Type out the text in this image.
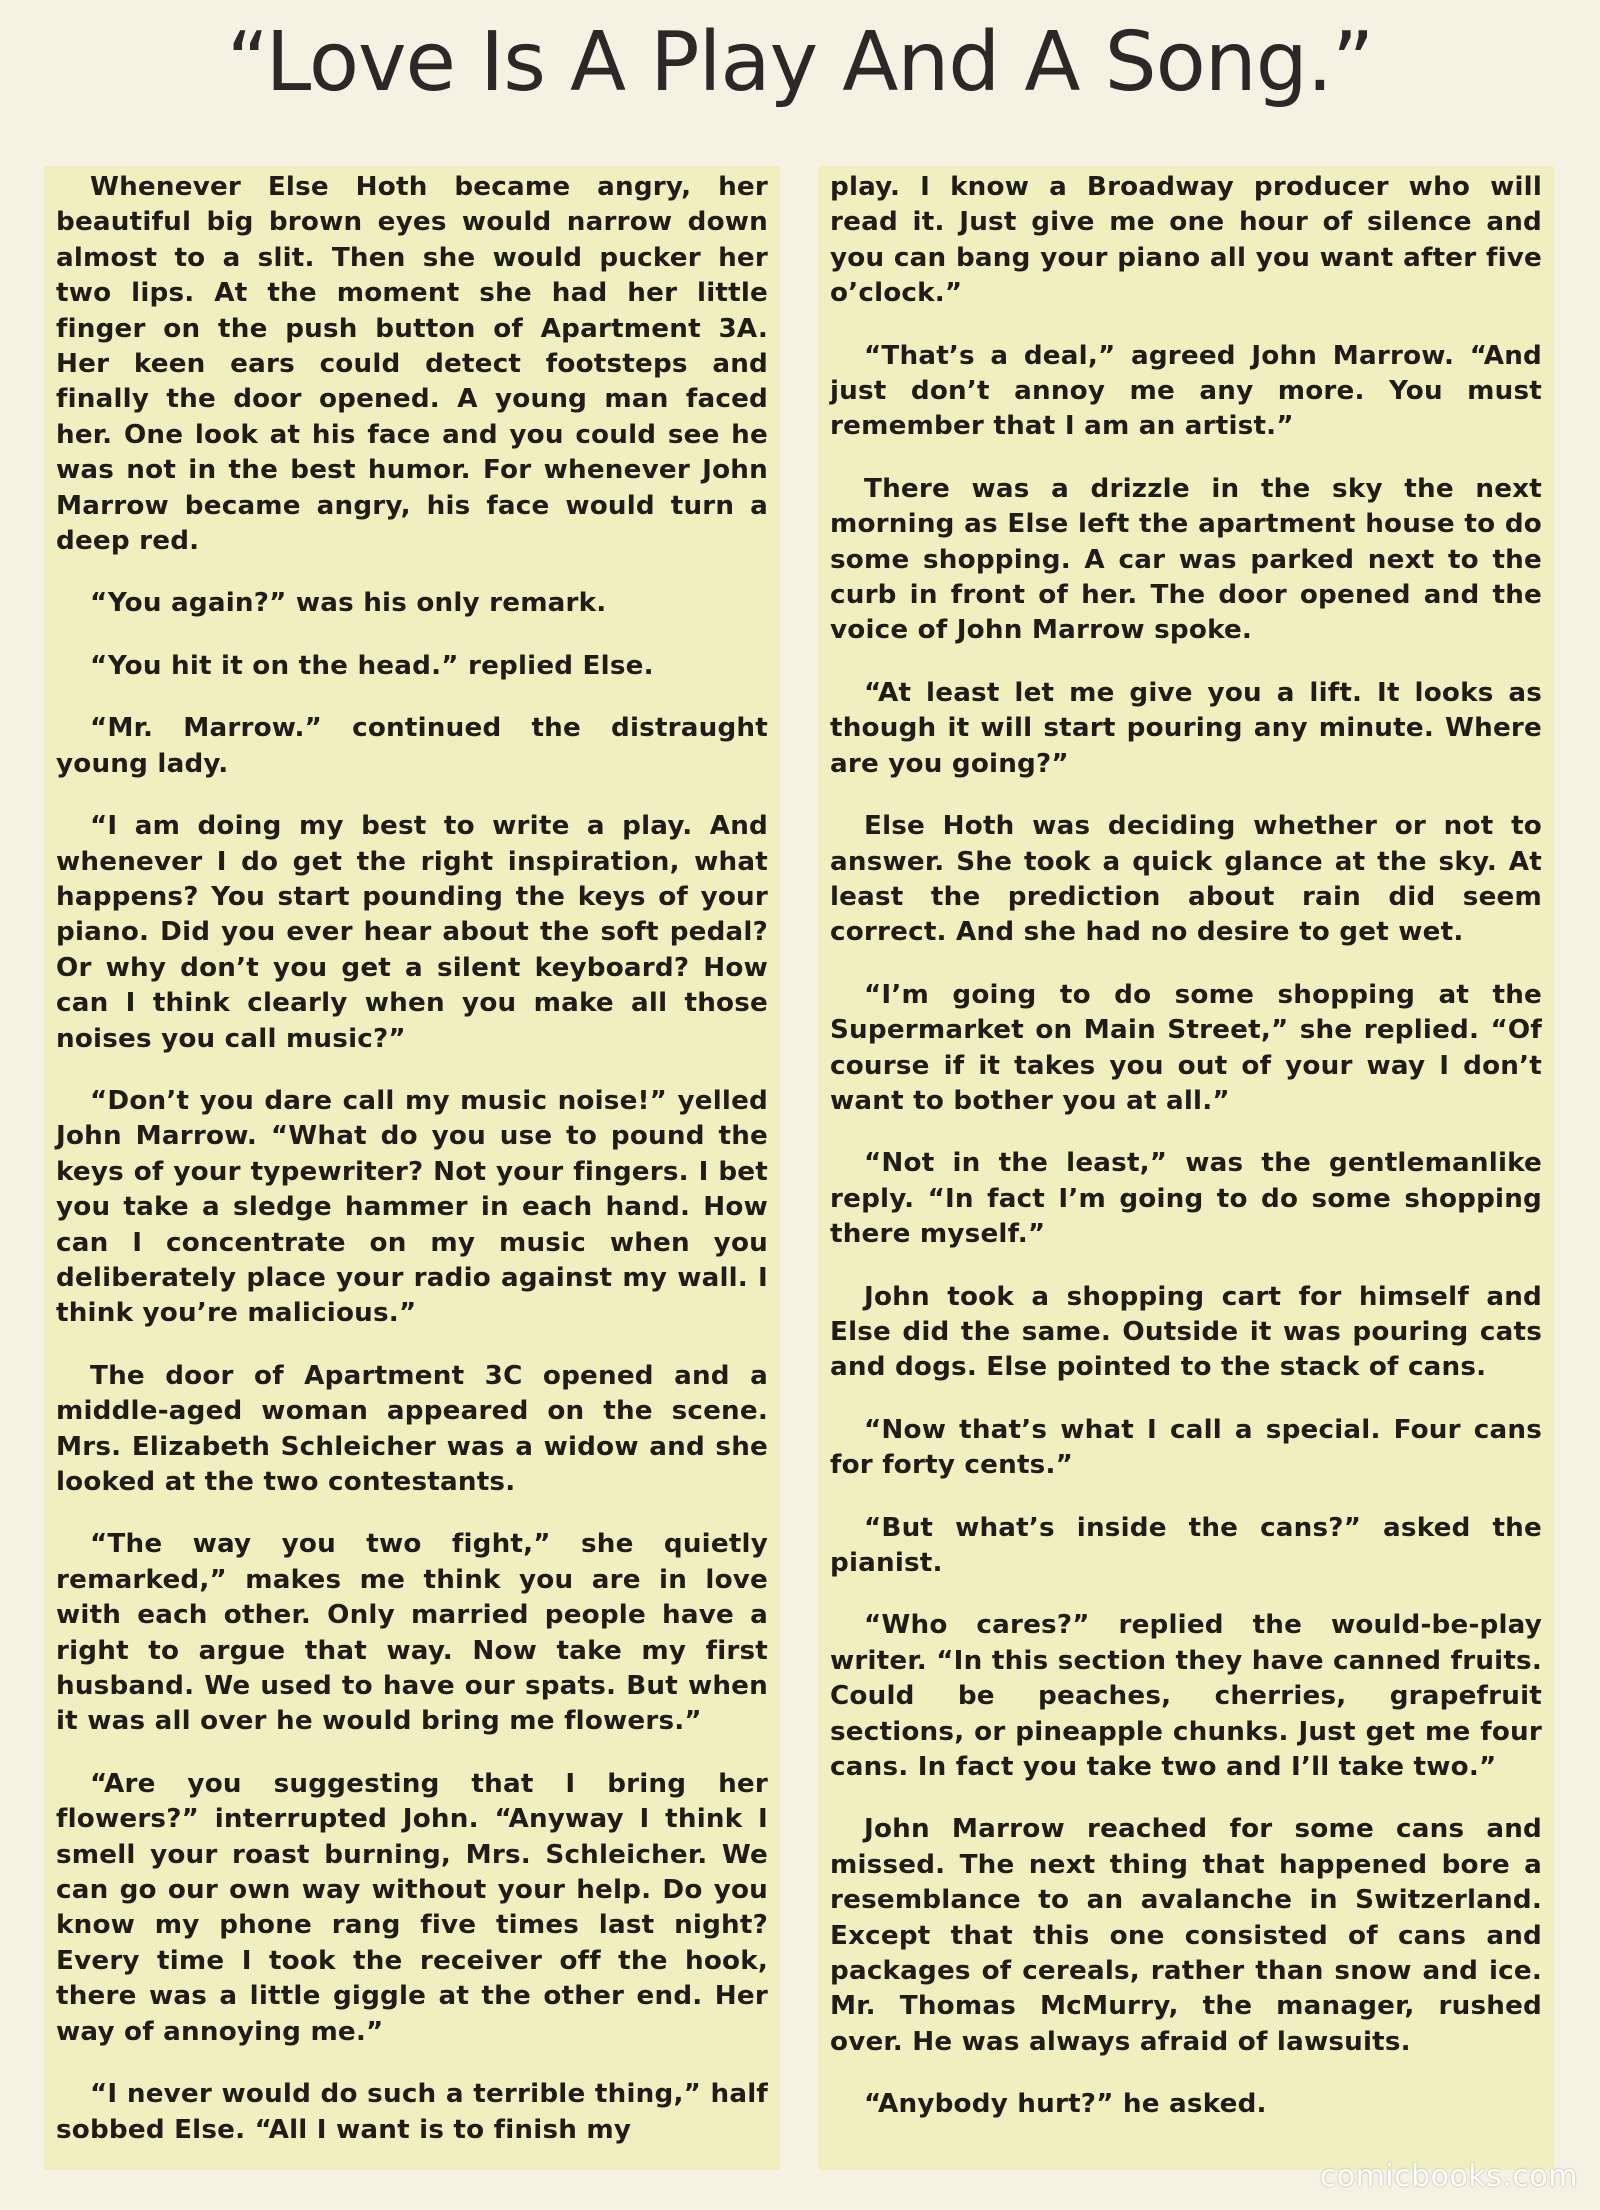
“Love Is A Play And A Song.”

Whenever Else Hoth became angry, her beautiful big brown eyes would narrow down almost to a slit. Then she would pucker her two lips. At the moment she had her little finger on the push button of Apartment 3A. Her keen ears could detect footsteps and finally the door opened. A young man faced her. One look at his face and you could see he was not in the best humor. For whenever John Marrow became angry, his face would turn a deep red.

“You again?” was his only remark.

“You hit it on the head.” replied Else.

“Mr. Marrow.” continued the distraught young lady.

“I am doing my best to write a play. And whenever I do get the right inspiration, what happens? You start pounding the keys of your piano. Did you ever hear about the soft pedal? Or why don’t you get a silent keyboard? How can I think clearly when you make all those noises you call music?”

“Don’t you dare call my music noise!” yelled John Marrow. “What do you use to pound the keys of your typewriter? Not your fingers. I bet you take a sledge hammer in each hand. How can I concentrate on my music when you deliberately place your radio against my wall. I think you’re malicious.”

The door of Apartment 3C opened and a middle-aged woman appeared on the scene. Mrs. Elizabeth Schleicher was a widow and she looked at the two contestants.

“The way you two fight,” she quietly remarked,” makes me think you are in love with each other. Only married people have a right to argue that way. Now take my first husband. We used to have our spats. But when it was all over he would bring me flowers.”

“Are you suggesting that I bring her flowers?” interrupted John. “Anyway I think I smell your roast burning, Mrs. Schleicher. We can go our own way without your help. Do you know my phone rang five times last night? Every time I took the receiver off the hook, there was a little giggle at the other end. Her way of annoying me.”

“I never would do such a terrible thing,” half sobbed Else. “All I want is to finish my

play. I know a Broadway producer who will read it. Just give me one hour of silence and you can bang your piano all you want after five o’clock.”

“That’s a deal,” agreed John Marrow. “And just don’t annoy me any more. You must remember that I am an artist.”

There was a drizzle in the sky the next morning as Else left the apartment house to do some shopping. A car was parked next to the curb in front of her. The door opened and the voice of John Marrow spoke.

“At least let me give you a lift. It looks as though it will start pouring any minute. Where are you going?”

Else Hoth was deciding whether or not to answer. She took a quick glance at the sky. At least the prediction about rain did seem correct. And she had no desire to get wet.

“I’m going to do some shopping at the Supermarket on Main Street,” she replied. “Of course if it takes you out of your way I don’t want to bother you at all.”

“Not in the least,” was the gentlemanlike reply. “In fact I’m going to do some shopping there myself.”

John took a shopping cart for himself and Else did the same. Outside it was pouring cats and dogs. Else pointed to the stack of cans.

“Now that’s what I call a special. Four cans for forty cents.”

“But what’s inside the cans?” asked the pianist.

“Who cares?” replied the would-be-play writer. “In this section they have canned fruits. Could be peaches, cherries, grapefruit sections, or pineapple chunks. Just get me four cans. In fact you take two and I’ll take two.”

John Marrow reached for some cans and missed. The next thing that happened bore a resemblance to an avalanche in Switzerland. Except that this one consisted of cans and packages of cereals, rather than snow and ice. Mr. Thomas McMurry, the manager, rushed over. He was always afraid of lawsuits.

“Anybody hurt?” he asked.

comicbooks.com
